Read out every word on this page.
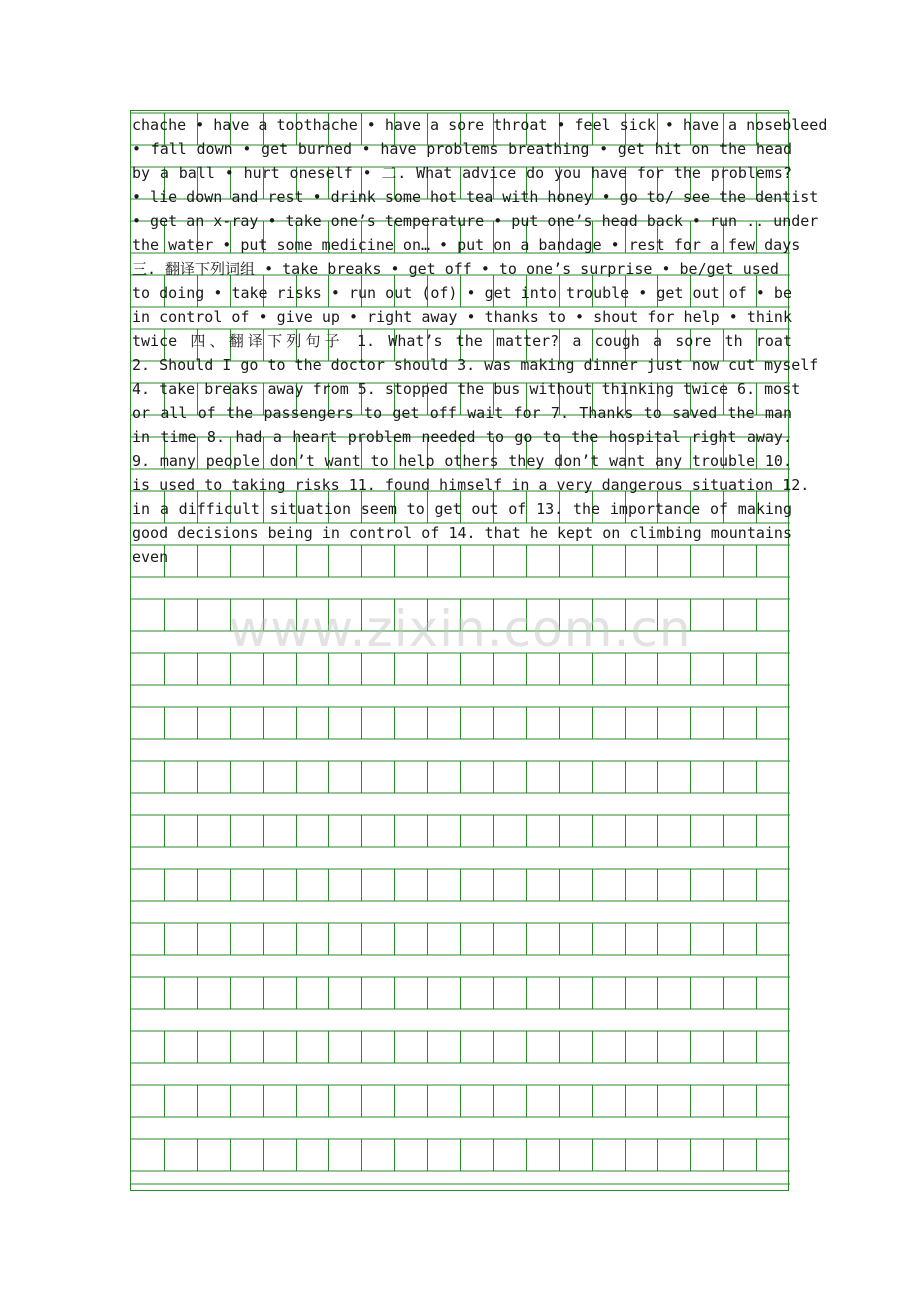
chache • have a toothache • have a sore throat • feel sick • have a nosebleed
• fall down • get burned • have problems breathing • get hit on the head
by a ball • hurt oneself • 二. What advice do you have for the problems?
• lie down and rest • drink some hot tea with honey • go to/ see the dentist
• get an x-ray • take one’s temperature • put one’s head back • run .. under
the water • put some medicine on… • put on a bandage • rest for a few days
三. 翻译下列词组 • take breaks • get off • to one’s surprise • be/get used
to doing • take risks • run out (of) • get into trouble • get out of • be
in control of • give up • right away • thanks to • shout for help • think
twice 四、翻译下列句子 1. What’s the matter? a cough a sore th roat
2. Should I go to the doctor should 3. was making dinner just now cut myself
4. take breaks away from 5. stopped the bus without thinking twice 6. most
or all of the passengers to get off wait for 7. Thanks to saved the man
in time 8. had a heart problem needed to go to the hospital right away.
9. many people don’t want to help others they don’t want any trouble 10.
is used to taking risks 11. found himself in a very dangerous situation 12.
in a difficult situation seem to get out of 13. the importance of making
good decisions being in control of 14. that he kept on climbing mountains
even
www.zixin.com.cn
